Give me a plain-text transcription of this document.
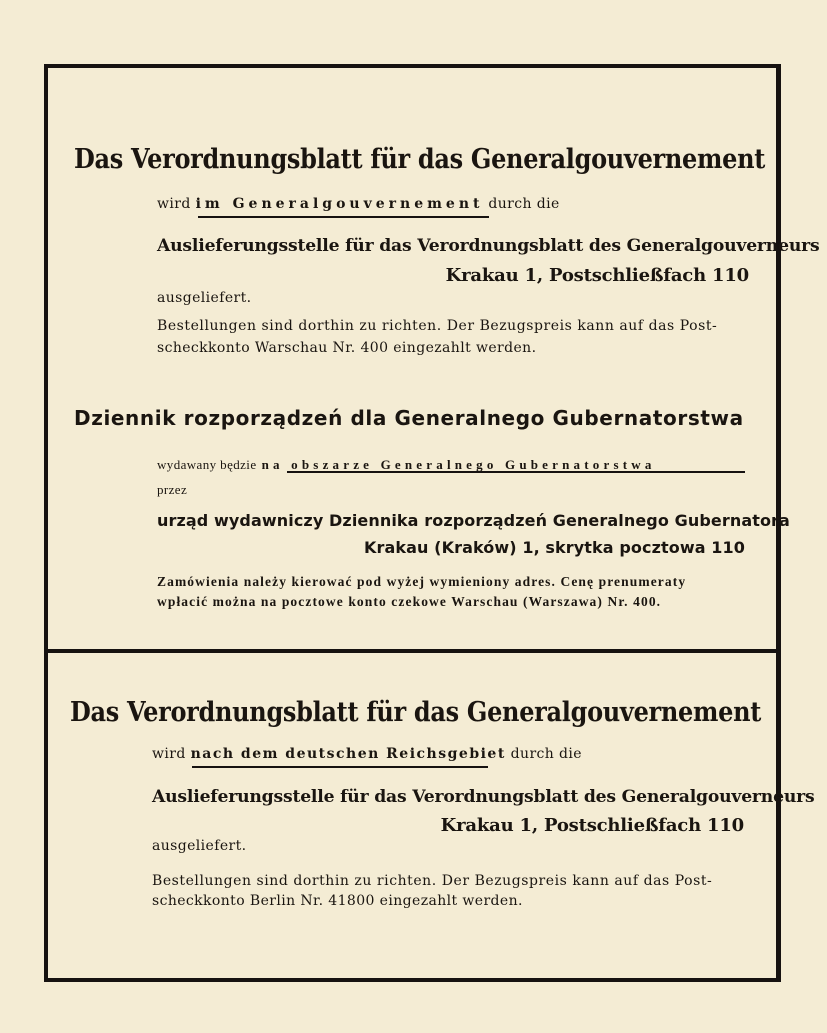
Das Verordnungsblatt für das Generalgouvernement
wird im Generalgouvernement durch die
Auslieferungsstelle für das Verordnungsblatt des Generalgouverneurs
Krakau 1, Postschließfach 110
ausgeliefert.
Bestellungen sind dorthin zu richten. Der Bezugspreis kann auf das Post-
scheckkonto Warschau Nr. 400 eingezahlt werden.
Dziennik rozporządzeń dla Generalnego Gubernatorstwa
wydawany będzie na obszarze Generalnego Gubernatorstwa
przez
urząd wydawniczy Dziennika rozporządzeń Generalnego Gubernatora
Krakau (Kraków) 1, skrytka pocztowa 110
Zamówienia należy kierować pod wyżej wymieniony adres. Cenę prenumeraty
wpłacić można na pocztowe konto czekowe Warschau (Warszawa) Nr. 400.
Das Verordnungsblatt für das Generalgouvernement
wird nach dem deutschen Reichsgebiet durch die
Auslieferungsstelle für das Verordnungsblatt des Generalgouverneurs
Krakau 1, Postschließfach 110
ausgeliefert.
Bestellungen sind dorthin zu richten. Der Bezugspreis kann auf das Post-
scheckkonto Berlin Nr. 41800 eingezahlt werden.
